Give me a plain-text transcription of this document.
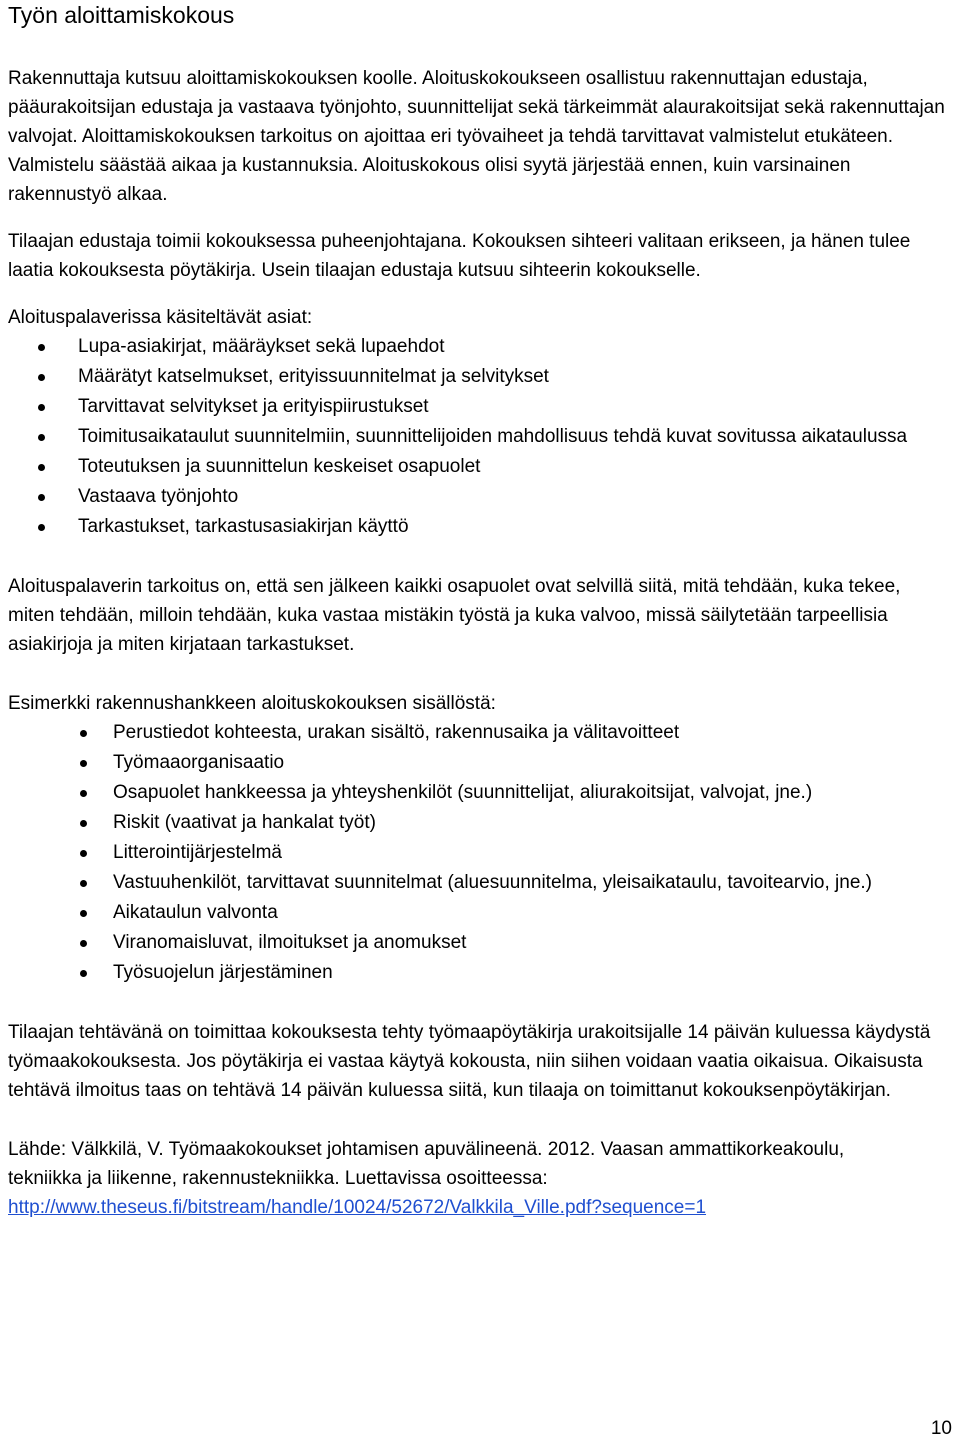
Työn aloittamiskokous

Rakennuttaja kutsuu aloittamiskokouksen koolle. Aloituskokoukseen osallistuu rakennuttajan edustaja, pääurakoitsijan edustaja ja vastaava työnjohto, suunnittelijat sekä tärkeimmät alaurakoitsijat sekä rakennuttajan valvojat. Aloittamiskokouksen tarkoitus on ajoittaa eri työvaiheet ja tehdä tarvittavat valmistelut etukäteen. Valmistelu säästää aikaa ja kustannuksia. Aloituskokous olisi syytä järjestää ennen, kuin varsinainen rakennustyö alkaa.

Tilaajan edustaja toimii kokouksessa puheenjohtajana. Kokouksen sihteeri valitaan erikseen, ja hänen tulee laatia kokouksesta pöytäkirja. Usein tilaajan edustaja kutsuu sihteerin kokoukselle.

Aloituspalaverissa käsiteltävät asiat:

Lupa-asiakirjat, määräykset sekä lupaehdot
Määrätyt katselmukset, erityissuunnitelmat ja selvitykset
Tarvittavat selvitykset ja erityispiirustukset
Toimitusaikataulut suunnitelmiin, suunnittelijoiden mahdollisuus tehdä kuvat sovitussa aikataulussa
Toteutuksen ja suunnittelun keskeiset osapuolet
Vastaava työnjohto
Tarkastukset, tarkastusasiakirjan käyttö

Aloituspalaverin tarkoitus on, että sen jälkeen kaikki osapuolet ovat selvillä siitä, mitä tehdään, kuka tekee, miten tehdään, milloin tehdään, kuka vastaa mistäkin työstä ja kuka valvoo, missä säilytetään tarpeellisia asiakirjoja ja miten kirjataan tarkastukset.

Esimerkki rakennushankkeen aloituskokouksen sisällöstä:

Perustiedot kohteesta, urakan sisältö, rakennusaika ja välitavoitteet
Työmaaorganisaatio
Osapuolet hankkeessa ja yhteyshenkilöt (suunnittelijat, aliurakoitsijat, valvojat, jne.)
Riskit (vaativat ja hankalat työt)
Litterointijärjestelmä
Vastuuhenkilöt, tarvittavat suunnitelmat (aluesuunnitelma, yleisaikataulu, tavoitearvio, jne.)
Aikataulun valvonta
Viranomaisluvat, ilmoitukset ja anomukset
Työsuojelun järjestäminen

Tilaajan tehtävänä on toimittaa kokouksesta tehty työmaapöytäkirja urakoitsijalle 14 päivän kuluessa käydystä työmaakokouksesta. Jos pöytäkirja ei vastaa käytyä kokousta, niin siihen voidaan vaatia oikaisua. Oikaisusta tehtävä ilmoitus taas on tehtävä 14 päivän kuluessa siitä, kun tilaaja on toimittanut kokouksenpöytäkirjan.

Lähde: Välkkilä, V. Työmaakokoukset johtamisen apuvälineenä. 2012. Vaasan ammattikorkeakoulu, tekniikka ja liikenne, rakennustekniikka. Luettavissa osoitteessa: http://www.theseus.fi/bitstream/handle/10024/52672/Valkkila_Ville.pdf?sequence=1

10
